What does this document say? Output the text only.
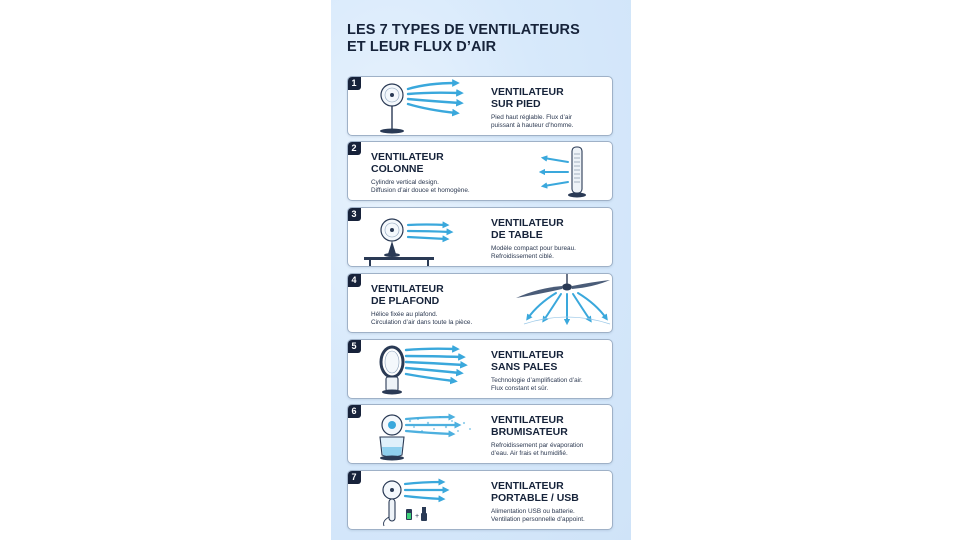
LES 7 TYPES DE VENTILATEURS
ET LEUR FLUX D’AIR
1
VENTILATEUR
SUR PIED
Pied haut réglable. Flux d’air
puissant à hauteur d’homme.
2
VENTILATEUR
COLONNE
Cylindre vertical design.
Diffusion d’air douce et homogène.
3
VENTILATEUR
DE TABLE
Modèle compact pour bureau.
Refroidissement ciblé.
4
VENTILATEUR
DE PLAFOND
Hélice fixée au plafond.
Circulation d’air dans toute la pièce.
5
VENTILATEUR
SANS PALES
Technologie d’amplification d’air.
Flux constant et sûr.
6
VENTILATEUR
BRUMISATEUR
Refroidissement par évaporation
d’eau. Air frais et humidifié.
7
+
VENTILATEUR
PORTABLE / USB
Alimentation USB ou batterie.
Ventilation personnelle d’appoint.
